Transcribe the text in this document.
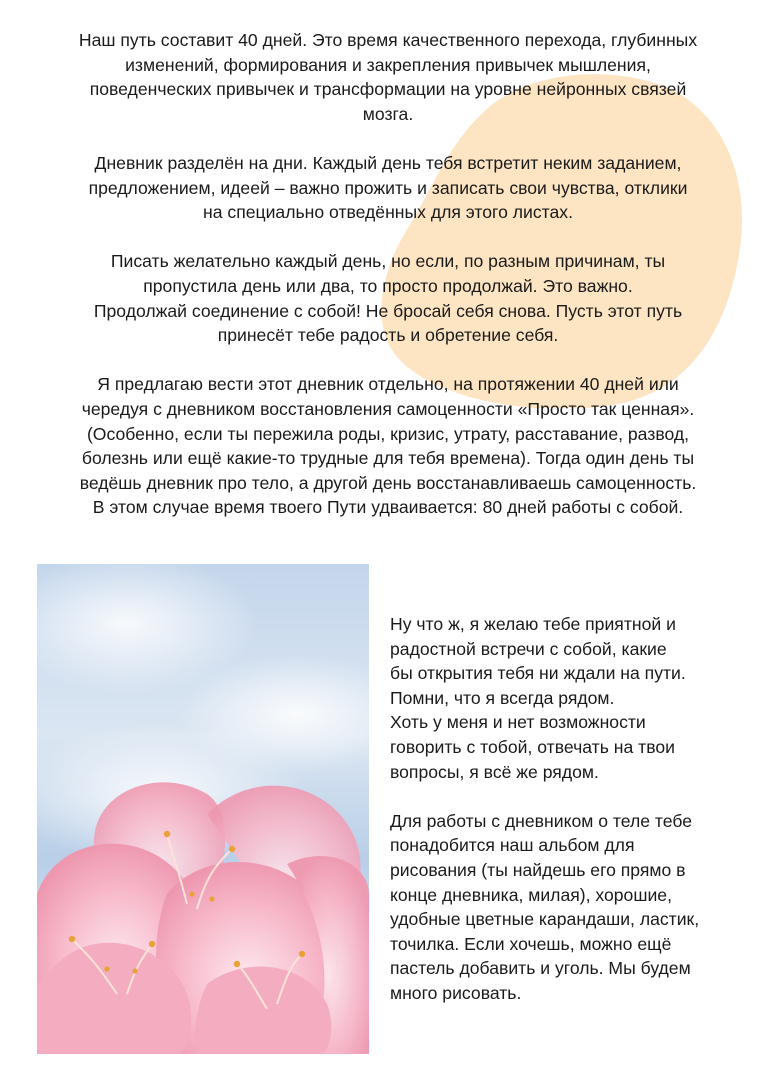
Наш путь составит 40 дней. Это время качественного перехода, глубинных
изменений, формирования и закрепления привычек мышления,
поведенческих привычек и трансформации на уровне нейронных связей
мозга.

Дневник разделён на дни. Каждый день тебя встретит неким заданием,
предложением, идеей – важно прожить и записать свои чувства, отклики
на специально отведённых для этого листах.

Писать желательно каждый день, но если, по разным причинам, ты
пропустила день или два, то просто продолжай. Это важно.
Продолжай соединение с собой! Не бросай себя снова. Пусть этот путь
принесёт тебе радость и обретение себя.

Я предлагаю вести этот дневник отдельно, на протяжении 40 дней или
чередуя с дневником восстановления самоценности «Просто так ценная».
(Особенно, если ты пережила роды, кризис, утрату, расставание, развод,
болезнь или ещё какие-то трудные для тебя времена). Тогда один день ты
ведёшь дневник про тело, а другой день восстанавливаешь самоценность.
В этом случае время твоего Пути удваивается: 80 дней работы с собой.

Ну что ж, я желаю тебе приятной и
радостной встречи с собой, какие
бы открытия тебя ни ждали на пути.
Помни, что я всегда рядом.
Хоть у меня и нет возможности
говорить с тобой, отвечать на твои
вопросы, я всё же рядом.

Для работы с дневником о теле тебе
понадобится наш альбом для
рисования (ты найдешь его прямо в
конце дневника, милая), хорошие,
удобные цветные карандаши, ластик,
точилка. Если хочешь, можно ещё
пастель добавить и уголь. Мы будем
много рисовать.
